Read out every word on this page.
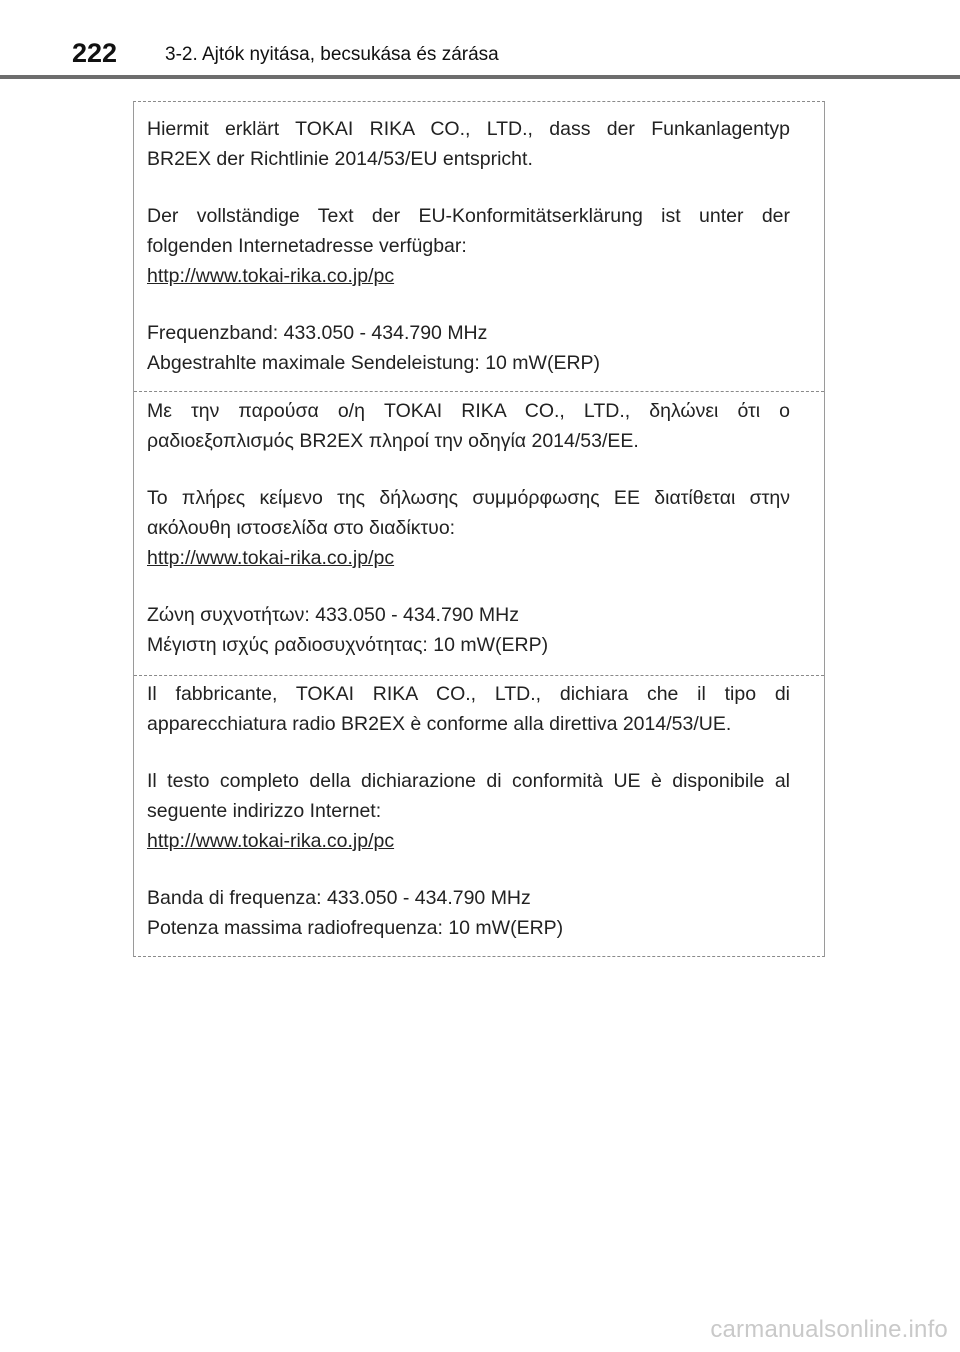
222	3-2. Ajtók nyitása, becsukása és zárása

Hiermit erklärt TOKAI RIKA CO., LTD., dass der Funkanlagentyp

BR2EX der Richtlinie 2014/53/EU entspricht.

Der vollständige Text der EU-Konformitätserklärung ist unter der

folgenden Internetadresse verfügbar:

http://www.tokai-rika.co.jp/pc

Frequenzband: 433.050 - 434.790 MHz

Abgestrahlte maximale Sendeleistung: 10 mW(ERP)

Με την παρούσα ο/η TOKAI RIKA CO., LTD., δηλώνει ότι ο

ραδιοεξοπλισμός BR2EX πληροί την οδηγία 2014/53/ΕΕ.

Το πλήρες κείμενο της δήλωσης συμμόρφωσης ΕΕ διατίθεται στην

ακόλουθη ιστοσελίδα στο διαδίκτυο:

http://www.tokai-rika.co.jp/pc

Ζώνη συχνοτήτων: 433.050 - 434.790 MHz

Μέγιστη ισχύς ραδιοσυχνότητας: 10 mW(ERP)

Il fabbricante, TOKAI RIKA CO., LTD., dichiara che il tipo di

apparecchiatura radio BR2EX è conforme alla direttiva 2014/53/UE.

Il testo completo della dichiarazione di conformità UE è disponibile al

seguente indirizzo Internet:

http://www.tokai-rika.co.jp/pc

Banda di frequenza: 433.050 - 434.790 MHz

Potenza massima radiofrequenza: 10 mW(ERP)

carmanualsonline.info
